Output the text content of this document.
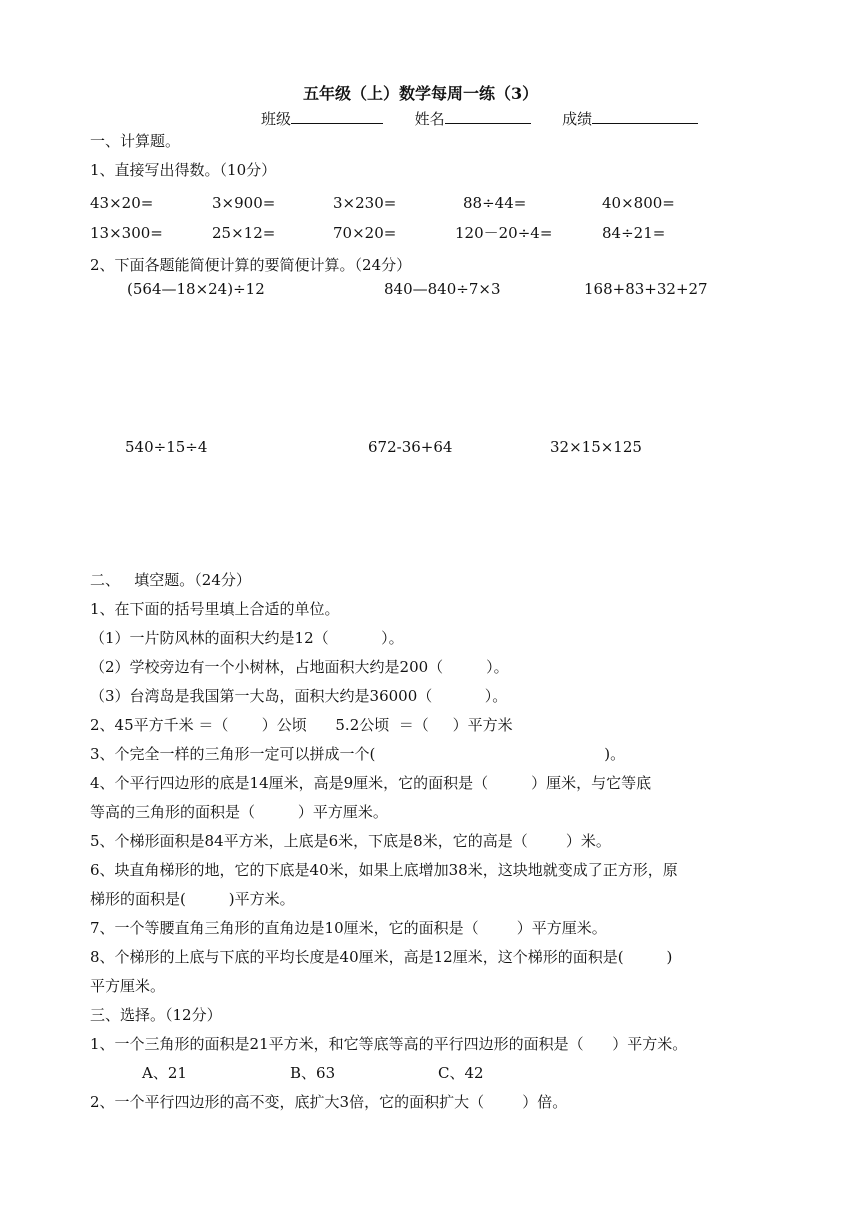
五年级（上）数学每周一练（3）
班级	姓名	成绩
一、计算题。
1、直接写出得数。（10分）
43×20=	3×900=	3×230=	88÷44=	40×800=
13×300=	25×12=	70×20=	120－20÷4=	84÷21=
2、下面各题能简便计算的要简便计算。（24分）
(564—18×24)÷12	840—840÷7×3	168+83+32+27
540÷15÷4	672-36+64	32×15×125
二、   填空题。（24分）
1、在下面的括号里填上合适的单位。
（1）一片防风林的面积大约是12（           ）。
（2）学校旁边有一个小树林，占地面积大约是200（         ）。
（3）台湾岛是我国第一大岛，面积大约是36000（           ）。
2、45平方千米 ＝（       ）公顷      5.2公顷  ＝（     ）平方米
3、个完全一样的三角形一定可以拼成一个(                                                )。
4、个平行四边形的底是14厘米，高是9厘米，它的面积是（         ）厘米，与它等底
等高的三角形的面积是（         ）平方厘米。
5、个梯形面积是84平方米，上底是6米，下底是8米，它的高是（        ）米。
6、块直角梯形的地，它的下底是40米，如果上底增加38米，这块地就变成了正方形，原
梯形的面积是(         )平方米。
7、一个等腰直角三角形的直角边是10厘米，它的面积是（        ）平方厘米。
8、个梯形的上底与下底的平均长度是40厘米，高是12厘米，这个梯形的面积是(         )
平方厘米。
三、选择。（12分）
1、一个三角形的面积是21平方米，和它等底等高的平行四边形的面积是（      ）平方米。
A、21	B、63	C、42
2、一个平行四边形的高不变，底扩大3倍，它的面积扩大（        ）倍。
